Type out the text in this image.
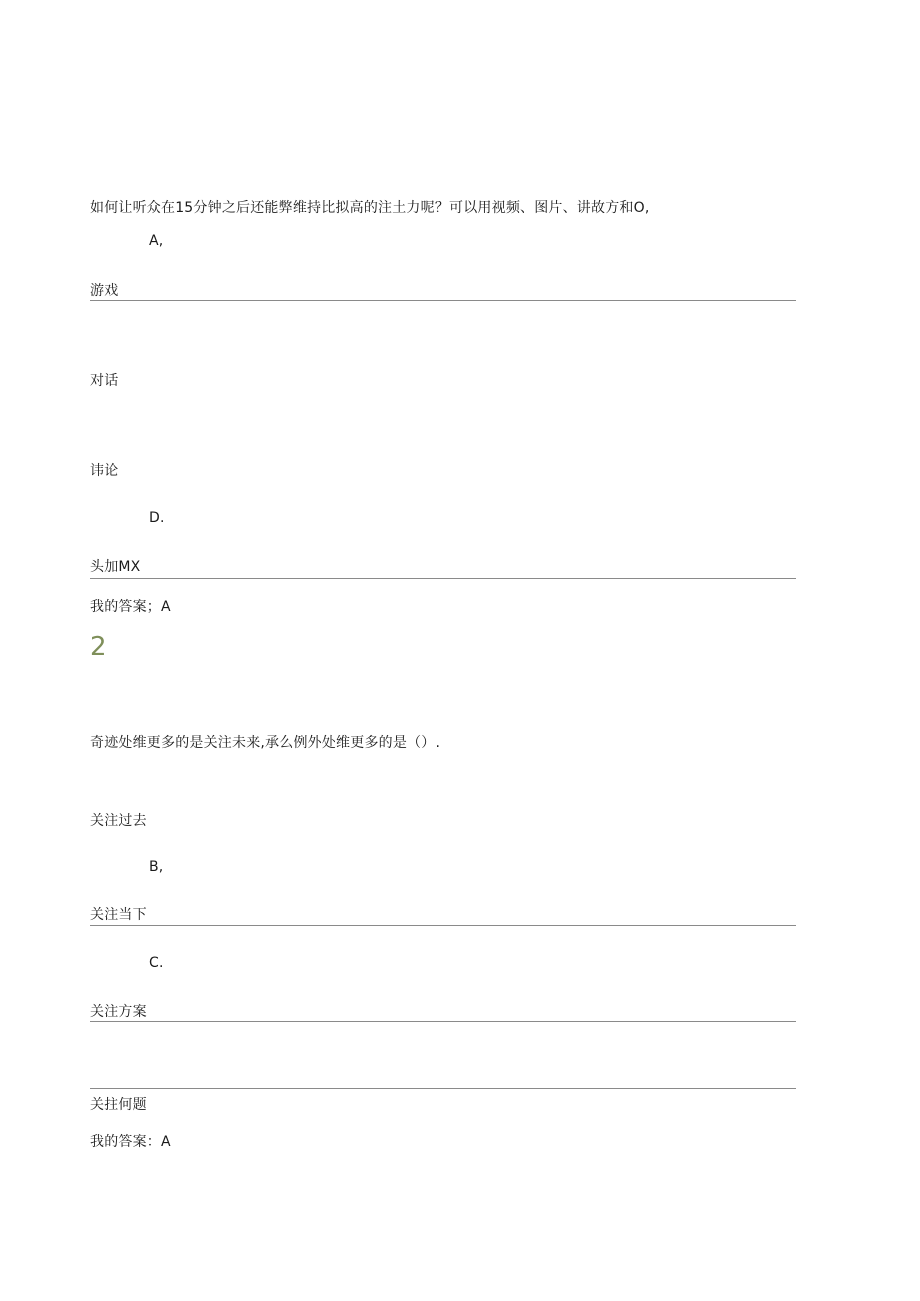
如何让听众在15分钟之后还能弊维持比拟高的注土力呢？可以用视频、图片、讲故方和O,
A,
游戏
对话
讳论
D.
头加MX
我的答案；A
2
奇迹处维更多的是关注未来,承么例外处维更多的是（）.
关注过去
B,
关注当下
C.
关注方案
关拄何题
我的答案：A
